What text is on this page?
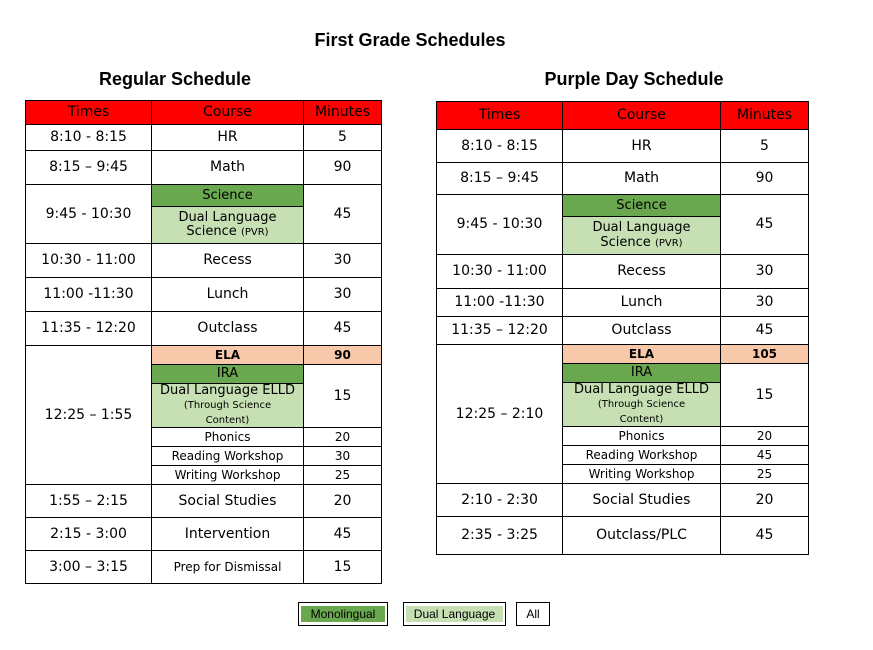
First Grade Schedules
Regular Schedule
Times	Course	Minutes
8:10 - 8:15	HR	5
8:15 – 9:45	Math	90
9:45 - 10:30	Science	45
	Dual Language
Science (PVR)	
10:30 - 11:00	Recess	30
11:00 -11:30	Lunch	30
11:35 - 12:20	Outclass	45
12:25 – 1:55	ELA	90
	IRA	15
	Dual Language ELLD
(Through Science
Content)	
	Phonics	20
	Reading Workshop	30
	Writing Workshop	25
1:55 – 2:15	Social Studies	20
2:15 - 3:00	Intervention	45
3:00 – 3:15	Prep for Dismissal	15
Purple Day Schedule
Times	Course	Minutes
8:10 - 8:15	HR	5
8:15 – 9:45	Math	90
9:45 - 10:30	Science	45
	Dual Language
Science (PVR)	
10:30 - 11:00	Recess	30
11:00 -11:30	Lunch	30
11:35 – 12:20	Outclass	45
12:25 – 2:10	ELA	105
	IRA	15
	Dual Language ELLD
(Through Science
Content)	
	Phonics	20
	Reading Workshop	45
	Writing Workshop	25
2:10 - 2:30	Social Studies	20
2:35 - 3:25	Outclass/PLC	45
Monolingual	Dual Language	All
